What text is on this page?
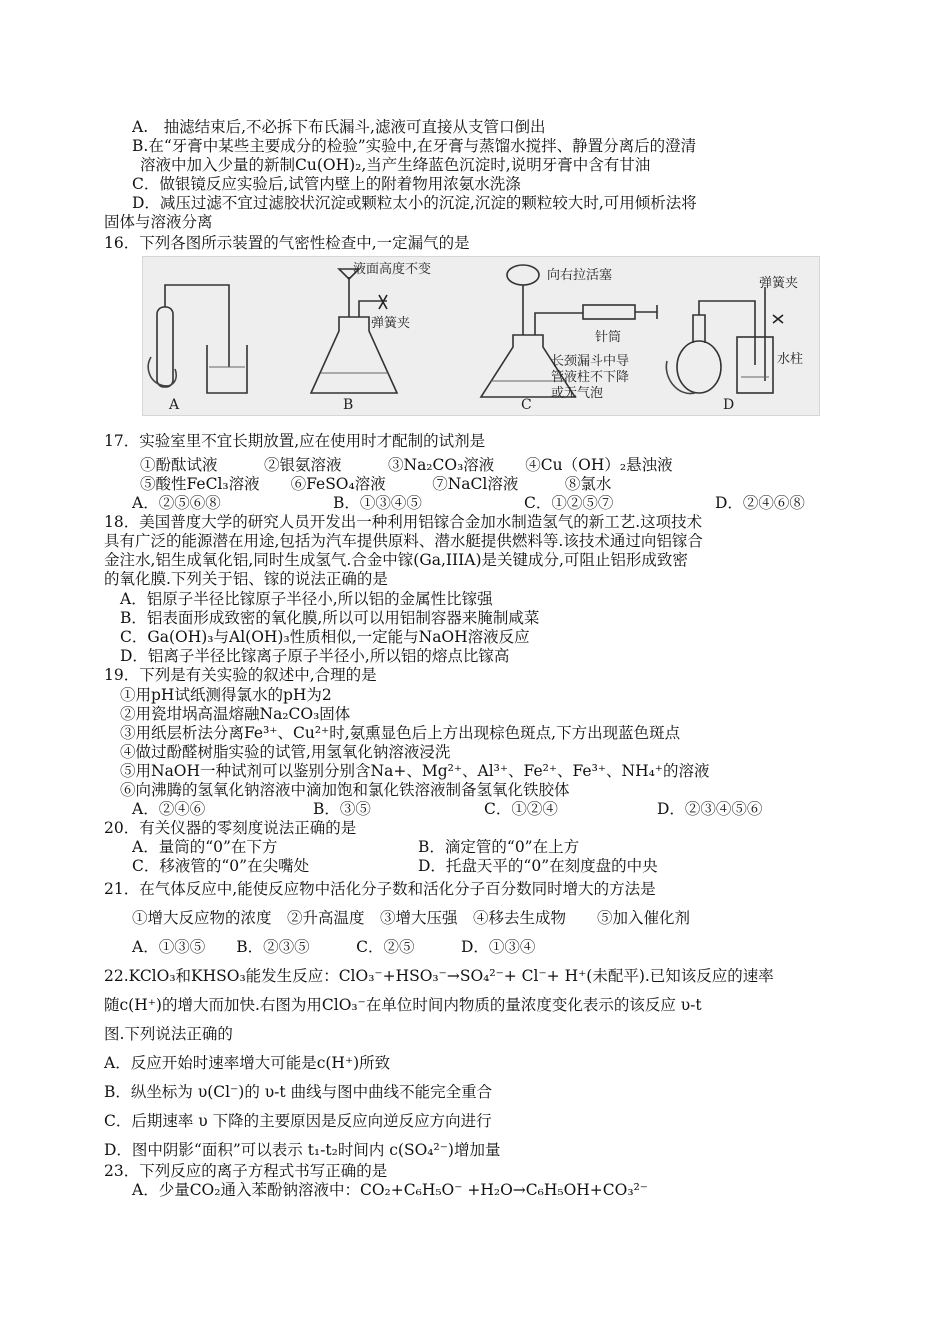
A.　抽滤结束后,不必拆下布氏漏斗,滤液可直接从支管口倒出
B.在“牙膏中某些主要成分的检验”实验中,在牙膏与蒸馏水搅拌、静置分离后的澄清
溶液中加入少量的新制Cu(OH)₂,当产生绛蓝色沉淀时,说明牙膏中含有甘油
C．做银镜反应实验后,试管内壁上的附着物用浓氨水洗涤
D．减压过滤不宜过滤胶状沉淀或颗粒太小的沉淀,沉淀的颗粒较大时,可用倾析法将
固体与溶液分离
16．下列各图所示装置的气密性检查中,一定漏气的是
液面高度不变
弹簧夹
向右拉活塞
针筒
长颈漏斗中导
管液柱不下降
或无气泡
弹簧夹
水柱
A	B	C	D
17．实验室里不宜长期放置,应在使用时才配制的试剂是
①酚酞试液　　　②银氨溶液　　　③Na₂CO₃溶液　　④Cu（OH）₂悬浊液
⑤酸性FeCl₃溶液　　⑥FeSO₄溶液　　　⑦NaCl溶液　　　⑧氯水
A．②⑤⑥⑧	B．①③④⑤	C．①②⑤⑦	D．②④⑥⑧
18．美国普度大学的研究人员开发出一种利用铝镓合金加水制造氢气的新工艺.这项技术
具有广泛的能源潜在用途,包括为汽车提供原料、潜水艇提供燃料等.该技术通过向铝镓合
金注水,铝生成氧化铝,同时生成氢气.合金中镓(Ga,IIIA)是关键成分,可阻止铝形成致密
的氧化膜.下列关于铝、镓的说法正确的是
A．铝原子半径比镓原子半径小,所以铝的金属性比镓强
B．铝表面形成致密的氧化膜,所以可以用铝制容器来腌制咸菜
C．Ga(OH)₃与Al(OH)₃性质相似,一定能与NaOH溶液反应
D．铝离子半径比镓离子原子半径小,所以铝的熔点比镓高
19．下列是有关实验的叙述中,合理的是
①用pH试纸测得氯水的pH为2
②用瓷坩埚高温熔融Na₂CO₃固体
③用纸层析法分离Fe³⁺、Cu²⁺时,氨熏显色后上方出现棕色斑点,下方出现蓝色斑点
④做过酚醛树脂实验的试管,用氢氧化钠溶液浸洗
⑤用NaOH一种试剂可以鉴别分别含Na+、Mg²⁺、Al³⁺、Fe²⁺、Fe³⁺、NH₄⁺的溶液
⑥向沸腾的氢氧化钠溶液中滴加饱和氯化铁溶液制备氢氧化铁胶体
A．②④⑥	B．③⑤	C．①②④	D．②③④⑤⑥
20．有关仪器的零刻度说法正确的是
A．量筒的“0”在下方	B．滴定管的“0”在上方
C．移液管的“0”在尖嘴处	D．托盘天平的“0”在刻度盘的中央
21．在气体反应中,能使反应物中活化分子数和活化分子百分数同时增大的方法是
①增大反应物的浓度　②升高温度　③增大压强　④移去生成物　　⑤加入催化剂
A．①③⑤　　B．②③⑤　　　C．②⑤　　　D．①③④
22.KClO₃和KHSO₃能发生反应：ClO₃⁻+HSO₃⁻→SO₄²⁻+ Cl⁻+ H⁺(未配平).已知该反应的速率
随c(H⁺)的增大而加快.右图为用ClO₃⁻在单位时间内物质的量浓度变化表示的该反应 υ-t
图.下列说法正确的
A．反应开始时速率增大可能是c(H⁺)所致
B．纵坐标为 υ(Cl⁻)的 υ-t 曲线与图中曲线不能完全重合
C．后期速率 υ 下降的主要原因是反应向逆反应方向进行
D．图中阴影“面积”可以表示 t₁-t₂时间内 c(SO₄²⁻)增加量
23．下列反应的离子方程式书写正确的是
A．少量CO₂通入苯酚钠溶液中：CO₂+C₆H₅O⁻ +H₂O→C₆H₅OH+CO₃²⁻
